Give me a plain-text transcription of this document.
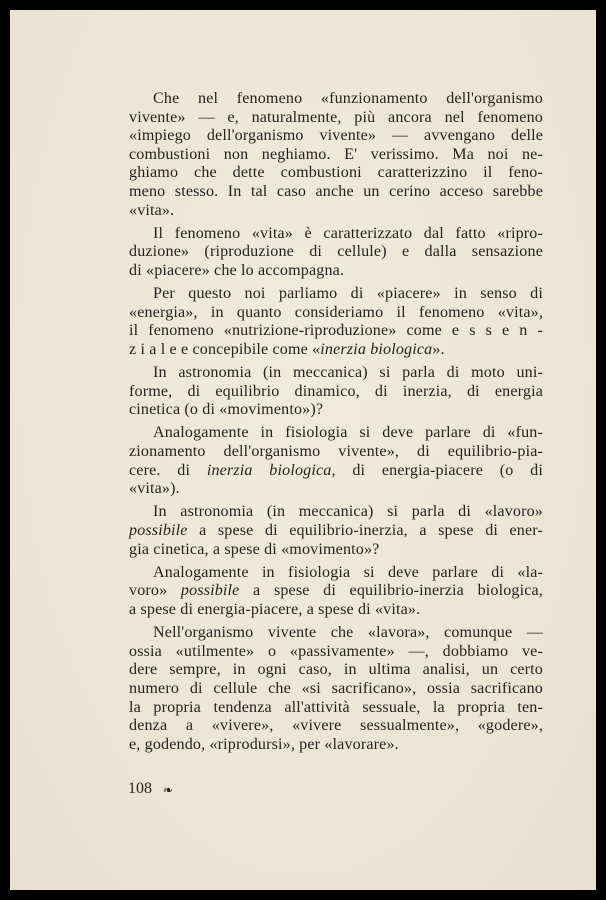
Che nel fenomeno «funzionamento dell'organismo
vivente» — e, naturalmente, più ancora nel fenomeno
«impiego dell'organismo vivente» — avvengano delle
combustioni non neghiamo. E' verissimo. Ma noi ne-
ghiamo che dette combustioni caratterizzino il feno-
meno stesso. In tal caso anche un cerino acceso sarebbe
«vita».

Il fenomeno «vita» è caratterizzato dal fatto «ripro-
duzione» (riproduzione di cellule) e dalla sensazione
di «piacere» che lo accompagna.

Per questo noi parliamo di «piacere» in senso di
«energia», in quanto consideriamo il fenomeno «vita»,
il fenomeno «nutrizione-riproduzione» come e s s e n -
z i a l e e concepibile come «inerzia biologica».

In astronomia (in meccanica) si parla di moto uni-
forme, di equilibrio dinamico, di inerzia, di energia
cinetica (o di «movimento»)?

Analogamente in fisiologia si deve parlare di «fun-
zionamento dell'organismo vivente», di equilibrio-pia-
cere. di inerzia biologica, di energia-piacere (o di
«vita»).

In astronomia (in meccanica) si parla di «lavoro»
possibile a spese di equilibrio-inerzia, a spese di ener-
gia cinetica, a spese di «movimento»?

Analogamente in fisiologia si deve parlare di «la-
voro» possibile a spese di equilibrio-inerzia biologica,
a spese di energia-piacere, a spese di «vita».

Nell'organismo vivente che «lavora», comunque —
ossia «utilmente» o «passivamente» —, dobbiamo ve-
dere sempre, in ogni caso, in ultima analisi, un certo
numero di cellule che «si sacrificano», ossia sacrificano
la propria tendenza all'attività sessuale, la propria ten-
denza a «vivere», «vivere sessualmente», «godere»,
e, godendo, «riprodursi», per «lavorare».

108 ❧
